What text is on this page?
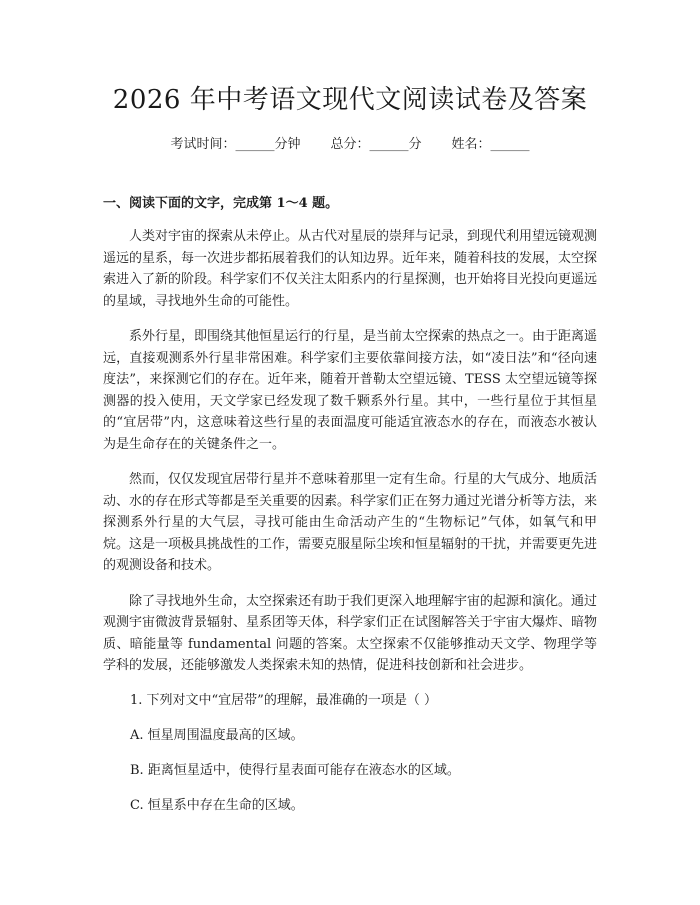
2026 年中考语文现代文阅读试卷及答案
考试时间：______分钟 总分：______分 姓名：______
一、阅读下面的文字，完成第 1～4 题。

人类对宇宙的探索从未停止。从古代对星辰的崇拜与记录，到现代利用望远镜观测遥远的星系，每一次进步都拓展着我们的认知边界。近年来，随着科技的发展，太空探索进入了新的阶段。科学家们不仅关注太阳系内的行星探测，也开始将目光投向更遥远的星域，寻找地外生命的可能性。

系外行星，即围绕其他恒星运行的行星，是当前太空探索的热点之一。由于距离遥远，直接观测系外行星非常困难。科学家们主要依靠间接方法，如“凌日法”和“径向速度法”，来探测它们的存在。近年来，随着开普勒太空望远镜、TESS 太空望远镜等探测器的投入使用，天文学家已经发现了数千颗系外行星。其中，一些行星位于其恒星的“宜居带”内，这意味着这些行星的表面温度可能适宜液态水的存在，而液态水被认为是生命存在的关键条件之一。

然而，仅仅发现宜居带行星并不意味着那里一定有生命。行星的大气成分、地质活动、水的存在形式等都是至关重要的因素。科学家们正在努力通过光谱分析等方法，来探测系外行星的大气层，寻找可能由生命活动产生的“生物标记”气体，如氧气和甲烷。这是一项极具挑战性的工作，需要克服星际尘埃和恒星辐射的干扰，并需要更先进的观测设备和技术。

除了寻找地外生命，太空探索还有助于我们更深入地理解宇宙的起源和演化。通过观测宇宙微波背景辐射、星系团等天体，科学家们正在试图解答关于宇宙大爆炸、暗物质、暗能量等 fundamental 问题的答案。太空探索不仅能够推动天文学、物理学等学科的发展，还能够激发人类探索未知的热情，促进科技创新和社会进步。

1. 下列对文中“宜居带”的理解，最准确的一项是（ ）
A. 恒星周围温度最高的区域。
B. 距离恒星适中，使得行星表面可能存在液态水的区域。
C. 恒星系中存在生命的区域。
